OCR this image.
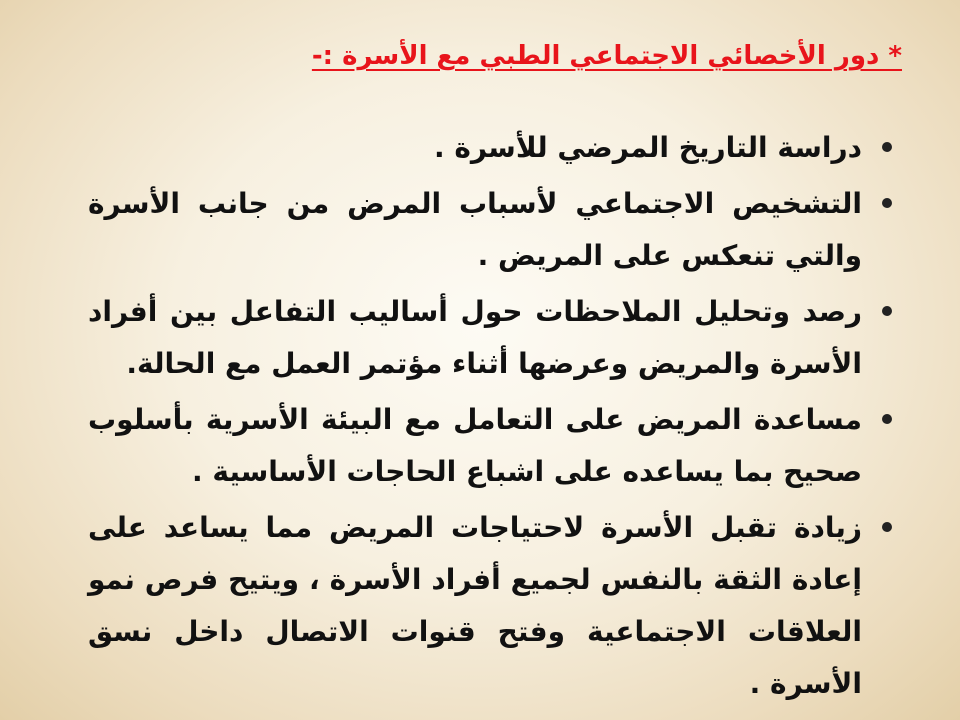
* دور الأخصائي الاجتماعي الطبي مع الأسرة :-
دراسة التاريخ المرضي للأسرة .
التشخيص الاجتماعي لأسباب المرض من جانب الأسرة والتي تنعكس على المريض .
رصد وتحليل الملاحظات حول أساليب التفاعل بين أفراد الأسرة والمريض وعرضها أثناء مؤتمر العمل مع الحالة.
مساعدة المريض على التعامل مع البيئة الأسرية بأسلوب صحيح بما يساعده على اشباع الحاجات الأساسية .
زيادة تقبل الأسرة لاحتياجات المريض مما يساعد على إعادة الثقة بالنفس لجميع أفراد الأسرة ، ويتيح فرص نمو العلاقات الاجتماعية وفتح قنوات الاتصال داخل نسق الأسرة .
